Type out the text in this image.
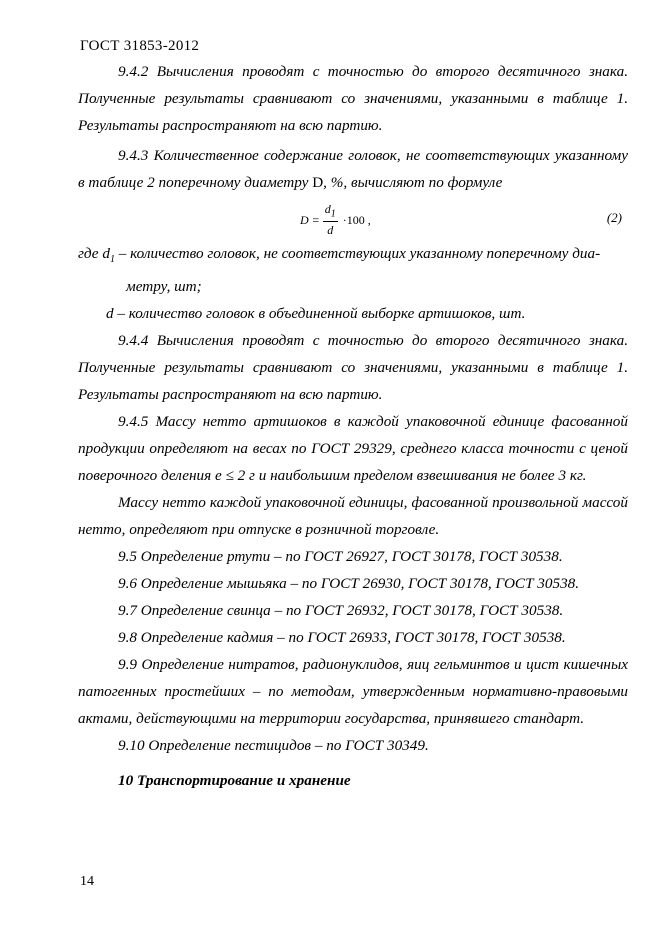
ГОСТ 31853-2012

9.4.2 Вычисления проводят с точностью до второго десятичного знака. Полученные результаты сравнивают со значениями, указанными в таблице 1. Результаты распространяют на всю партию.

9.4.3 Количественное содержание головок, не соответствующих указанному в таблице 2 поперечному диаметру D, %, вычисляют по формуле

$D = \frac{d_1}{d} \cdot 100$ ,	(2)

где $d_1$ – количество головок, не соответствующих указанному поперечному диа-

метру, шт;

d – количество головок в объединенной выборке артишоков, шт.

9.4.4 Вычисления проводят с точностью до второго десятичного знака. Полученные результаты сравнивают со значениями, указанными в таблице 1. Результаты распространяют на всю партию.

9.4.5 Массу нетто артишоков в каждой упаковочной единице фасованной продукции определяют на весах по ГОСТ 29329, среднего класса точности с ценой поверочного деления e ≤ 2 г и наибольшим пределом взвешивания не более 3 кг.

Массу нетто каждой упаковочной единицы, фасованной произвольной массой нетто, определяют при отпуске в розничной торговле.

9.5 Определение ртути – по ГОСТ 26927, ГОСТ 30178, ГОСТ 30538.

9.6 Определение мышьяка – по ГОСТ 26930, ГОСТ 30178, ГОСТ 30538.

9.7 Определение свинца – по ГОСТ 26932, ГОСТ 30178, ГОСТ 30538.

9.8 Определение кадмия – по ГОСТ 26933, ГОСТ 30178, ГОСТ 30538.

9.9 Определение нитратов, радионуклидов, яиц гельминтов и цист кишечных патогенных простейших – по методам, утвержденным нормативно-правовыми актами, действующими на территории государства, принявшего стандарт.

9.10 Определение пестицидов – по ГОСТ 30349.

10 Транспортирование и хранение

14
